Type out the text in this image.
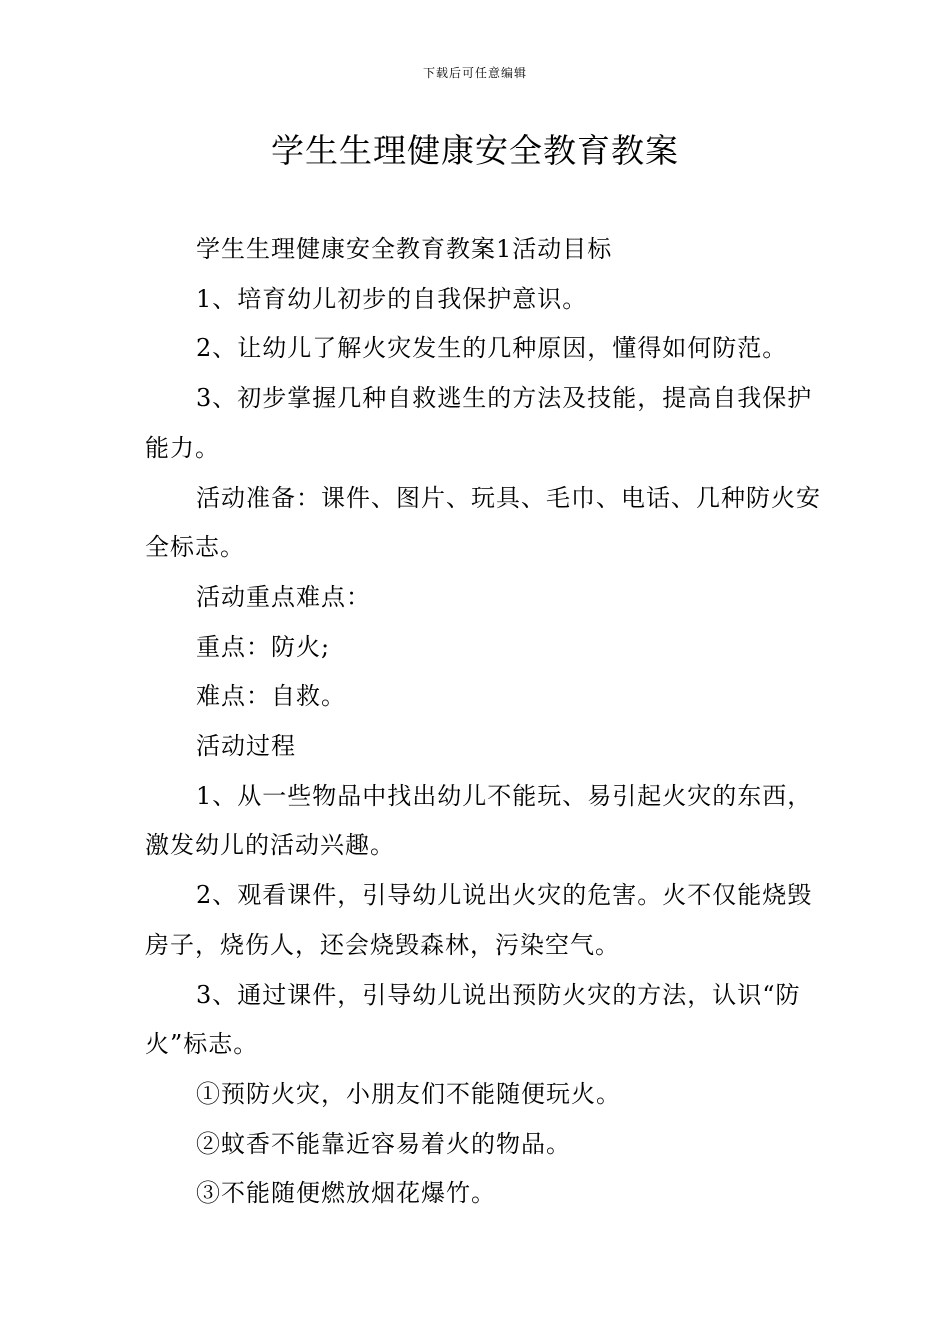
下载后可任意编辑
学生生理健康安全教育教案

学生生理健康安全教育教案1活动目标

1、培育幼儿初步的自我保护意识。

2、让幼儿了解火灾发生的几种原因，懂得如何防范。

3、初步掌握几种自救逃生的方法及技能，提高自我保护能力。

活动准备：课件、图片、玩具、毛巾、电话、几种防火安全标志。

活动重点难点：

重点：防火;

难点：自救。

活动过程

1、从一些物品中找出幼儿不能玩、易引起火灾的东西，激发幼儿的活动兴趣。

2、观看课件，引导幼儿说出火灾的危害。火不仅能烧毁房子，烧伤人，还会烧毁森林，污染空气。

3、通过课件，引导幼儿说出预防火灾的方法，认识“防火”标志。

①预防火灾，小朋友们不能随便玩火。

②蚊香不能靠近容易着火的物品。

③不能随便燃放烟花爆竹。
